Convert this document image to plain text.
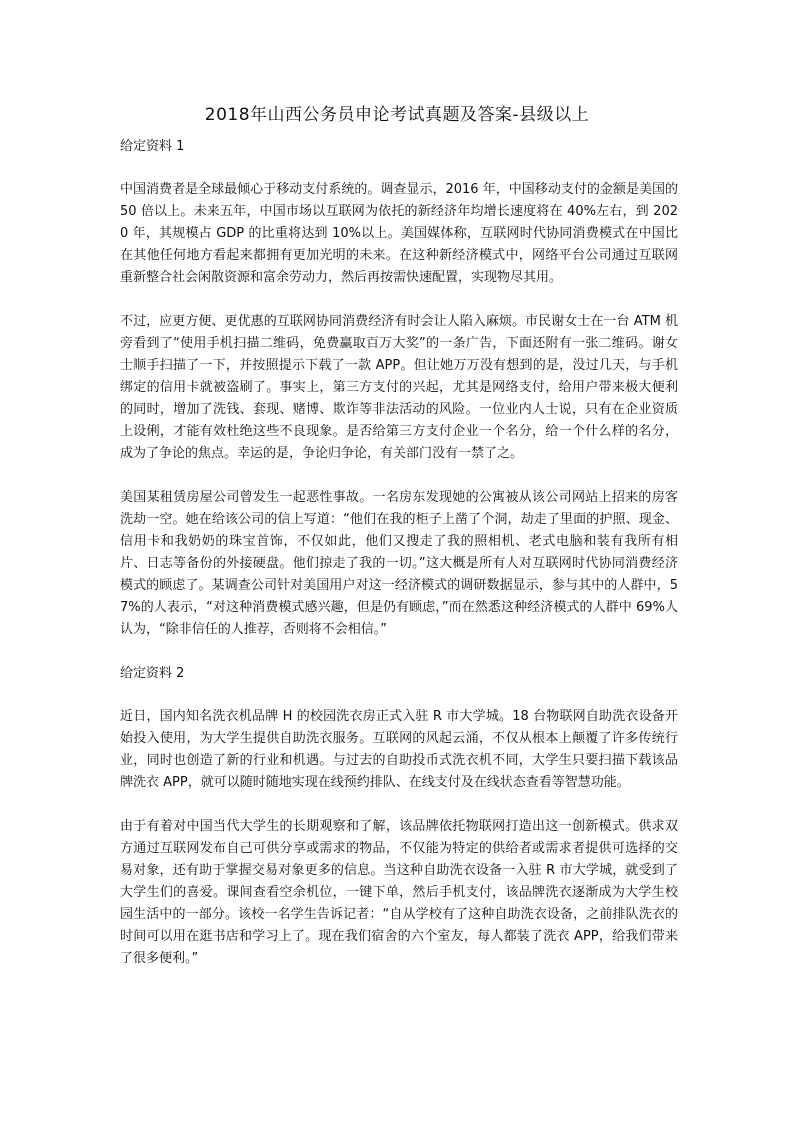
2018年山西公务员申论考试真题及答案-县级以上

给定资料 1

中国消费者是全球最倾心于移动支付系统的。调查显示，2016 年，中国移动支付的金额是美国的 50 倍以上。未来五年，中国市场以互联网为依托的新经济年均增长速度将在 40%左右，到 2020 年，其规模占 GDP 的比重将达到 10%以上。美国媒体称，互联网时代协同消费模式在中国比在其他任何地方看起来都拥有更加光明的未来。在这种新经济模式中，网络平台公司通过互联网重新整合社会闲散资源和富余劳动力，然后再按需快速配置，实现物尽其用。

不过，应更方便、更优惠的互联网协同消费经济有时会让人陷入麻烦。市民谢女士在一台 ATM 机旁看到了“使用手机扫描二维码，免费赢取百万大奖”的一条广告，下面还附有一张二维码。谢女士顺手扫描了一下，并按照提示下载了一款 APP。但让她万万没有想到的是，没过几天，与手机绑定的信用卡就被盗刷了。事实上，第三方支付的兴起，尤其是网络支付，给用户带来极大便利的同时，增加了洗钱、套现、赌博、欺诈等非法活动的风险。一位业内人士说，只有在企业资质上设俐，才能有效杜绝这些不良现象。是否给第三方支付企业一个名分，给一个什么样的名分，成为了争论的焦点。幸运的是，争论归争论，有关部门没有一禁了之。

美国某租赁房屋公司曾发生一起恶性事故。一名房东发现她的公寓被从该公司网站上招来的房客洗劫一空。她在给该公司的信上写道：“他们在我的柜子上凿了个洞，劫走了里面的护照、现金、信用卡和我奶奶的珠宝首饰，不仅如此，他们又搜走了我的照相机、老式电脑和装有我所有相片、日志等备份的外接硬盘。他们掠走了我的一切。”这大概是所有人对互联网时代协同消费经济模式的顾虑了。某调查公司针对美国用户对这一经济模式的调研数据显示，参与其中的人群中，57%的人表示，“对这种消费模式感兴趣，但是仍有顾虑，”而在然悉这种经济模式的人群中 69%人认为，“除非信任的人推荐，否则将不会相信。”

给定资料 2

近日，国内知名洗衣机品牌 H 的校园洗衣房正式入驻 R 市大学城。18 台物联网自助洗衣设备开始投入使用，为大学生提供自助洗衣服务。互联网的风起云涌，不仅从根本上颠覆了许多传统行业，同时也创造了新的行业和机遇。与过去的自助投币式洗衣机不同，大学生只要扫描下载该品牌洗衣 APP，就可以随时随地实现在线预约排队、在线支付及在线状态查看等智慧功能。

由于有着对中国当代大学生的长期观察和了解，该品牌依托物联网打造出这一创新模式。供求双方通过互联网发布自己可供分享或需求的物品，不仅能为特定的供给者或需求者提供可选择的交易对象，还有助于掌握交易对象更多的信息。当这种自助洗衣设备一入驻 R 市大学城，就受到了大学生们的喜爱。课间查看空余机位，一键下单，然后手机支付，该品牌洗衣逐渐成为大学生校园生活中的一部分。该校一名学生告诉记者：“自从学校有了这种自助洗衣设备，之前排队洗衣的时间可以用在逛书店和学习上了。现在我们宿舍的六个室友，每人都装了洗衣 APP，给我们带来了很多便利。”
